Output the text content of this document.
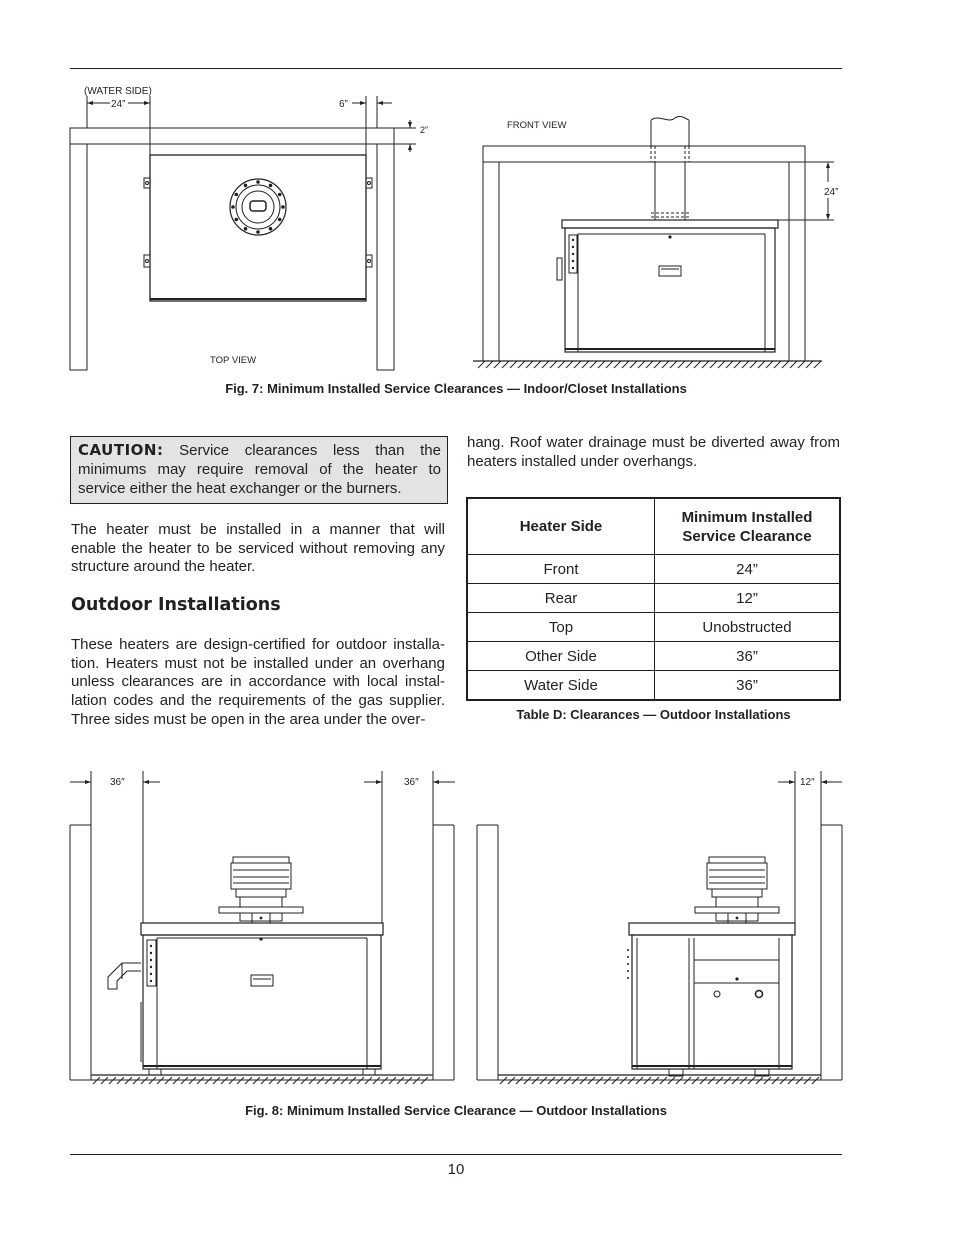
(WATER SIDE)
24”	6”
2”
TOP VIEW
FRONT VIEW
24”
Fig. 7: Minimum Installed Service Clearances — Indoor/Closet Installations
CAUTION: Service clearances less than the minimums may require removal of the heater to service either the heat exchanger or the burners.

The heater must be installed in a manner that will enable the heater to be serviced without removing any structure around the heater.

Outdoor Installations

These heaters are design-certified for outdoor installation. Heaters must not be installed under an overhang unless clearances are in accordance with local installation codes and the requirements of the gas supplier. Three sides must be open in the area under the over-

hang. Roof water drainage must be diverted away from heaters installed under overhangs.

Heater Side	Minimum Installed Service Clearance
Front	24”
Rear	12”
Top	Unobstructed
Other Side	36”
Water Side	36”
Table D: Clearances — Outdoor Installations
36″	36″	12″
Fig. 8: Minimum Installed Service Clearance — Outdoor Installations
10
